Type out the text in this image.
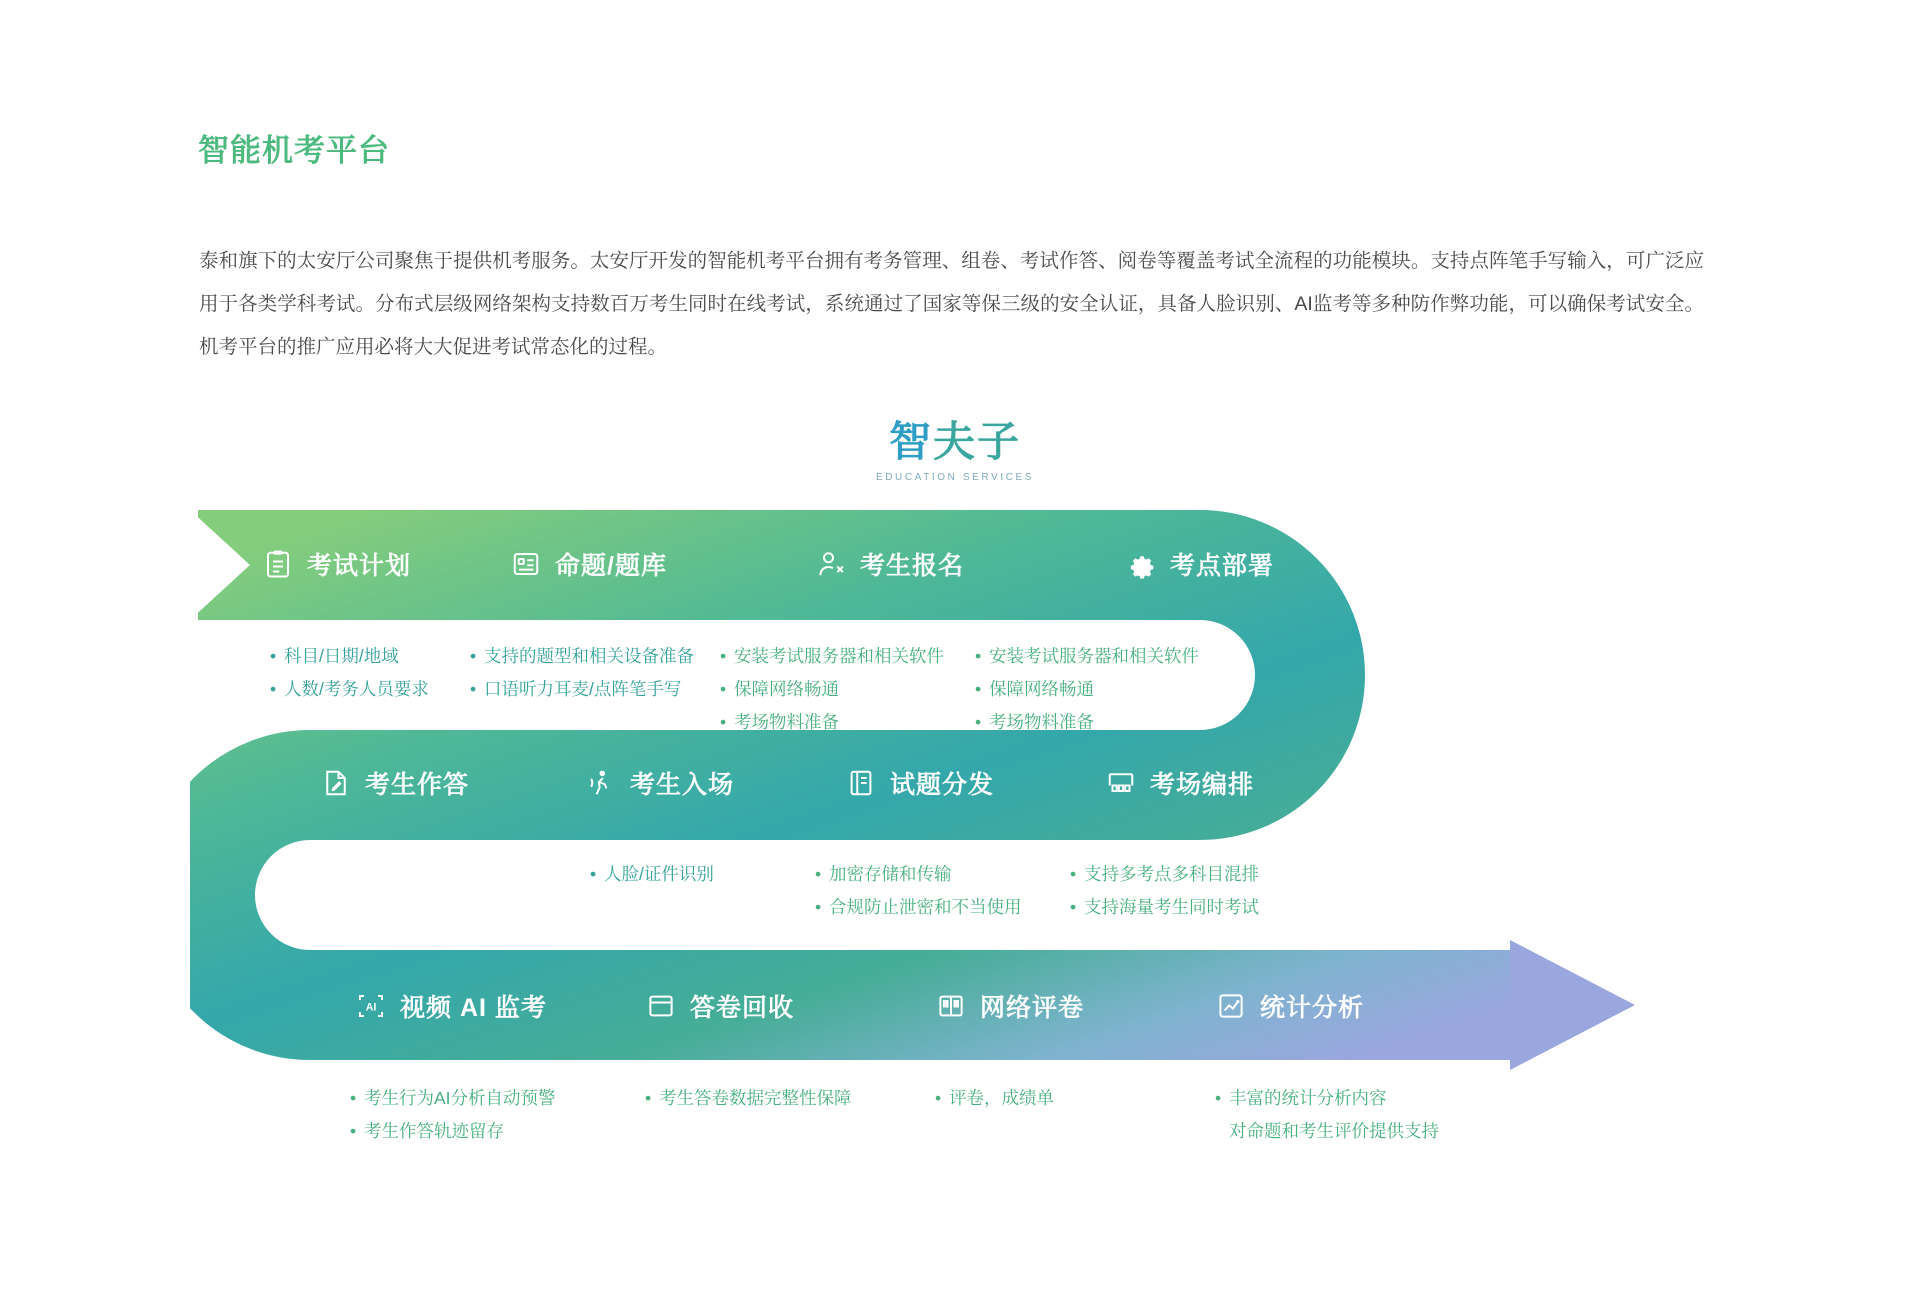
智能机考平台
泰和旗下的太安厅公司聚焦于提供机考服务。太安厅开发的智能机考平台拥有考务管理、组卷、考试作答、阅卷等覆盖考试全流程的功能模块。支持点阵笔手写输入，可广泛应用于各类学科考试。分布式层级网络架构支持数百万考生同时在线考试，系统通过了国家等保三级的安全认证，具备人脸识别、AI监考等多种防作弊功能，可以确保考试安全。机考平台的推广应用必将大大促进考试常态化的过程。
智夫子
EDUCATION SERVICES
考试计划	命题/题库	考生报名	考点部署
• 科目/日期/地域
• 人数/考务人员要求
• 支持的题型和相关设备准备
• 口语听力耳麦/点阵笔手写
• 安装考试服务器和相关软件
• 保障网络畅通
• 考场物料准备
• 安装考试服务器和相关软件
• 保障网络畅通
• 考场物料准备
考生作答	考生入场	试题分发	考场编排
• 人脸/证件识别	• 加密存储和传输
• 合规防止泄密和不当使用
• 支持多考点多科目混排
• 支持海量考生同时考试
AI 视频 AI 监考	答卷回收	网络评卷	统计分析
• 考生行为AI分析自动预警
• 考生作答轨迹留存
• 考生答卷数据完整性保障	• 评卷，成绩单	• 丰富的统计分析内容
对命题和考生评价提供支持
